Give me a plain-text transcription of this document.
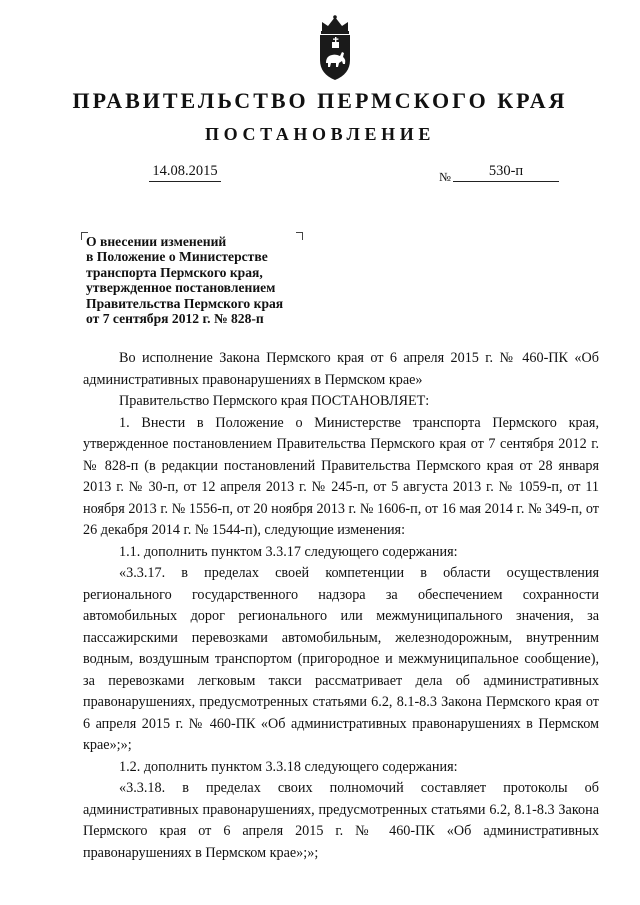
ПРАВИТЕЛЬСТВО ПЕРМСКОГО КРАЯ
ПОСТАНОВЛЕНИЕ
14.08.2015	№	530-п
О внесении изменений
в Положение о Министерстве
транспорта Пермского края,
утвержденное постановлением
Правительства Пермского края
от 7 сентября 2012 г. № 828-п

Во исполнение Закона Пермского края от 6 апреля 2015 г. № 460-ПК «Об административных правонарушениях в Пермском крае»

Правительство Пермского края ПОСТАНОВЛЯЕТ:

1. Внести в Положение о Министерстве транспорта Пермского края, утвержденное постановлением Правительства Пермского края от 7 сентября 2012 г. № 828-п (в редакции постановлений Правительства Пермского края от 28 января 2013 г. № 30-п, от 12 апреля 2013 г. № 245-п, от 5 августа 2013 г. № 1059-п, от 11 ноября 2013 г. № 1556-п, от 20 ноября 2013 г. № 1606-п, от 16 мая 2014 г. № 349-п, от 26 декабря 2014 г. № 1544-п), следующие изменения:

1.1. дополнить пунктом 3.3.17 следующего содержания:

«3.3.17. в пределах своей компетенции в области осуществления регионального государственного надзора за обеспечением сохранности автомобильных дорог регионального или межмуниципального значения, за пассажирскими перевозками автомобильным, железнодорожным, внутренним водным, воздушным транспортом (пригородное и межмуниципальное сообщение), за перевозками легковым такси рассматривает дела об административных правонарушениях, предусмотренных статьями 6.2, 8.1-8.3 Закона Пермского края от 6 апреля 2015 г. № 460-ПК «Об административных правонарушениях в Пермском крае»;»;

1.2. дополнить пунктом 3.3.18 следующего содержания:

«3.3.18. в пределах своих полномочий составляет протоколы об административных правонарушениях, предусмотренных статьями 6.2, 8.1-8.3 Закона Пермского края от 6 апреля 2015 г. № 460-ПК «Об административных правонарушениях в Пермском крае»;»;
